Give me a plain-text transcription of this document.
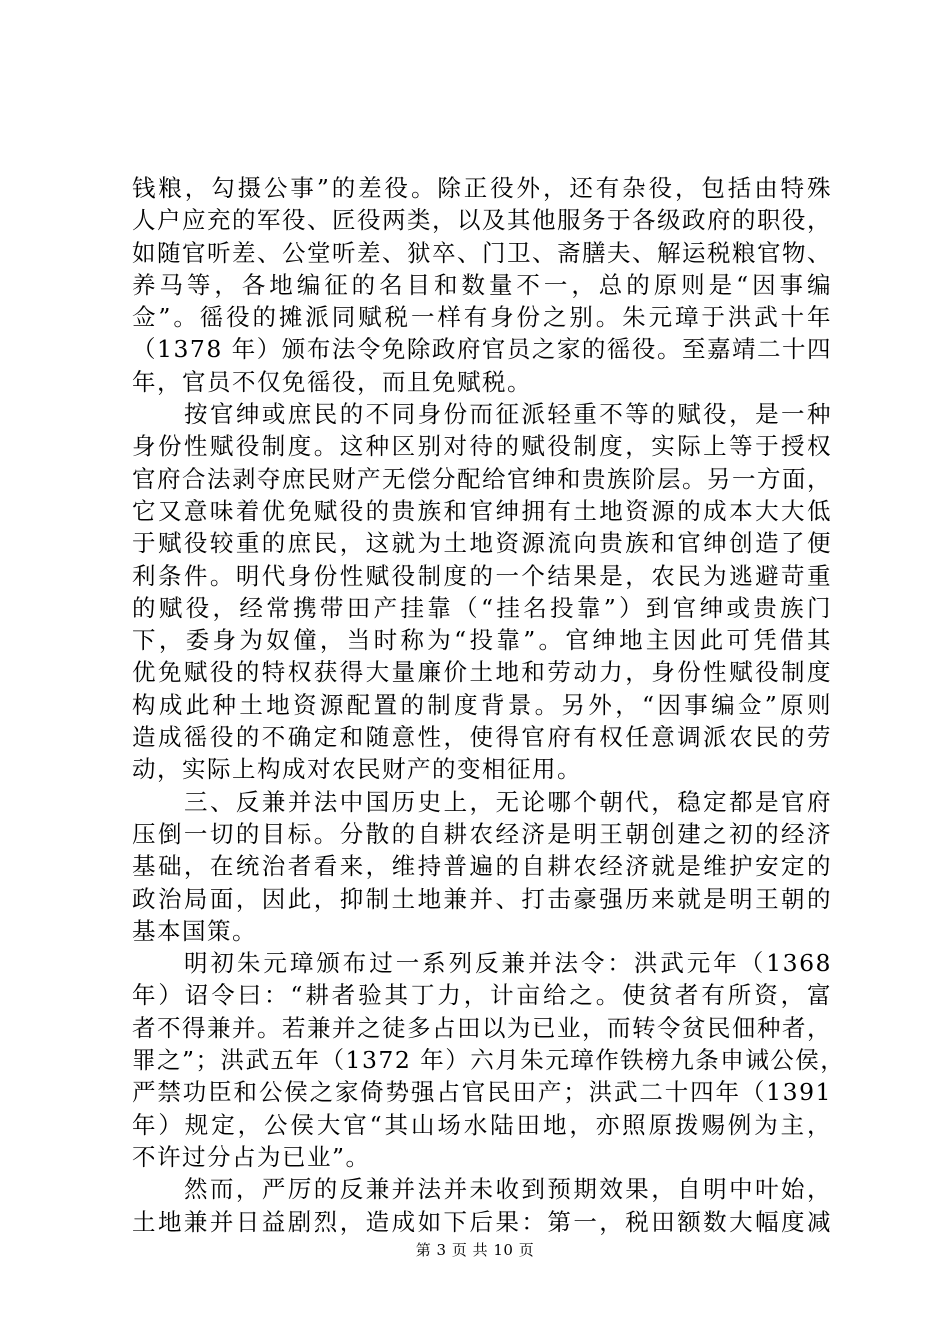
钱粮，勾摄公事”的差役。除正役外，还有杂役，包括由特殊
人户应充的军役、匠役两类，以及其他服务于各级政府的职役，
如随官听差、公堂听差、狱卒、门卫、斋膳夫、解运税粮官物、
养马等，各地编征的名目和数量不一，总的原则是“因事编
佥”。徭役的摊派同赋税一样有身份之别。朱元璋于洪武十年
（1378 年）颁布法令免除政府官员之家的徭役。至嘉靖二十四
年，官员不仅免徭役，而且免赋税。
按官绅或庶民的不同身份而征派轻重不等的赋役，是一种
身份性赋役制度。这种区别对待的赋役制度，实际上等于授权
官府合法剥夺庶民财产无偿分配给官绅和贵族阶层。另一方面，
它又意味着优免赋役的贵族和官绅拥有土地资源的成本大大低
于赋役较重的庶民，这就为土地资源流向贵族和官绅创造了便
利条件。明代身份性赋役制度的一个结果是，农民为逃避苛重
的赋役，经常携带田产挂靠（“挂名投靠”）到官绅或贵族门
下，委身为奴僮，当时称为“投靠”。官绅地主因此可凭借其
优免赋役的特权获得大量廉价土地和劳动力，身份性赋役制度
构成此种土地资源配置的制度背景。另外，“因事编佥”原则
造成徭役的不确定和随意性，使得官府有权任意调派农民的劳
动，实际上构成对农民财产的变相征用。
三、反兼并法中国历史上，无论哪个朝代，稳定都是官府
压倒一切的目标。分散的自耕农经济是明王朝创建之初的经济
基础，在统治者看来，维持普遍的自耕农经济就是维护安定的
政治局面，因此，抑制土地兼并、打击豪强历来就是明王朝的
基本国策。
明初朱元璋颁布过一系列反兼并法令：洪武元年（1368
年）诏令曰：“耕者验其丁力，计亩给之。使贫者有所资，富
者不得兼并。若兼并之徒多占田以为已业，而转令贫民佃种者，
罪之”；洪武五年（1372 年）六月朱元璋作铁榜九条申诫公侯，
严禁功臣和公侯之家倚势强占官民田产；洪武二十四年（1391
年）规定，公侯大官“其山场水陆田地，亦照原拨赐例为主，
不许过分占为已业”。
然而，严厉的反兼并法并未收到预期效果，自明中叶始，
土地兼并日益剧烈，造成如下后果：第一，税田额数大幅度减
第 3 页 共 10 页
